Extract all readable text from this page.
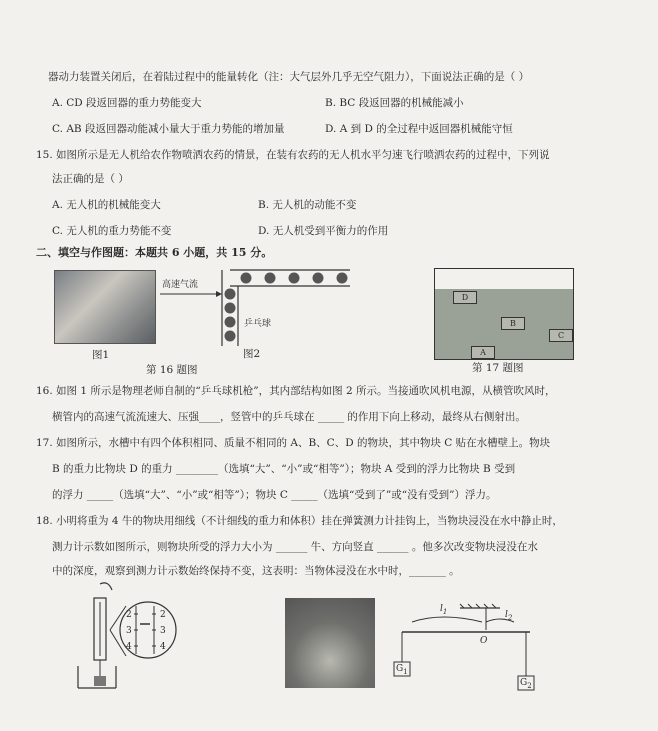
器动力装置关闭后，在着陆过程中的能量转化（注：大气层外几乎无空气阻力），下面说法正确的是（ ）
A. CD 段返回器的重力势能变大	B. BC 段返回器的机械能减小
C. AB 段返回器动能减小量大于重力势能的增加量	D. A 到 D 的全过程中返回器机械能守恒
15. 如图所示是无人机给农作物喷洒农药的情景，在装有农药的无人机水平匀速飞行喷洒农药的过程中，下列说
法正确的是（ ）
A. 无人机的机械能变大	B. 无人机的动能不变
C. 无人机的重力势能不变	D. 无人机受到平衡力的作用
二、填空与作图题：本题共 6 小题，共 15 分。
图1
高速气流
乒乓球
图2
第 16 题图
D
B
C
A
第 17 题图
16. 如图 1 所示是物理老师自制的“乒乓球机枪”，其内部结构如图 2 所示。当接通吹风机电源，从横管吹风时，
横管内的高速气流流速大、压强____，竖管中的乒乓球在 _____ 的作用下向上移动，最终从右侧射出。
17. 如图所示，水槽中有四个体积相同、质量不相同的 A、B、C、D 的物块，其中物块 C 贴在水槽壁上。物块
B 的重力比物块 D 的重力 ________（选填“大”、“小”或“相等”）；物块 A 受到的浮力比物块 B 受到
的浮力 _____（选填“大”、“小”或“相等”）；物块 C _____（选填“受到了”或“没有受到”）浮力。
18. 小明将重为 4 牛的物块用细线（不计细线的重力和体积）挂在弹簧测力计挂钩上，当物块浸没在水中静止时，
测力计示数如图所示，则物块所受的浮力大小为 ______ 牛、方向竖直 ______ 。他多次改变物块浸没在水
中的深度，观察到测力计示数始终保持不变，这表明：当物体浸没在水中时，_______ 。
2
3
4
2
3
4
$l_1$	$l_2$
O
$G_1$
$G_2$
